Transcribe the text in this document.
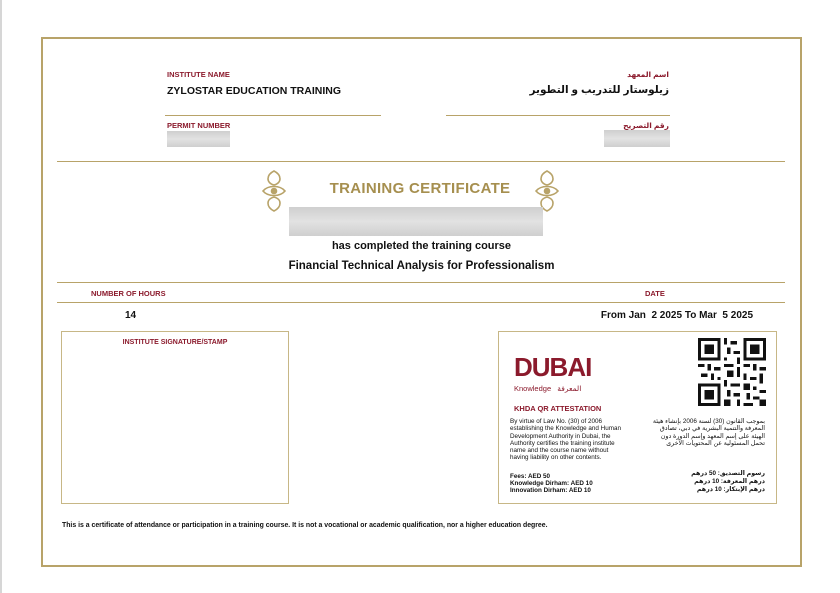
INSTITUTE NAME
ZYLOSTAR EDUCATION TRAINING
اسم المعهد
زيلوستار للتدريب و التطوير
PERMIT NUMBER	رقم التصريح
TRAINING CERTIFICATE
has completed the training course
Financial Technical Analysis for Professionalism
NUMBER OF HOURS	DATE
14	From Jan  2 2025 To Mar  5 2025
INSTITUTE SIGNATURE/STAMP
DUBAI
Knowledge المعرفة
KHDA QR ATTESTATION
By virtue of Law No. (30) of 2006 establishing the Knowledge and Human Development Authority in Dubai, the Authority certifies the training institute name and the course name without having liability on other contents.
بموجب القانون (30) لسنة 2006 بإنشاء هيئة المعرفة والتنمية البشرية في دبي، تصادق الهيئة على إسم المعهد وإسم الدورة دون تحمل المسئولية عن المحتويات الأخرى
Fees: AED 50
Knowledge Dirham: AED 10
Innovation Dirham: AED 10
رسوم التصديق: 50 درهم
درهم المعرفة: 10 درهم
درهم الإبتكار: 10 درهم
This is a certificate of attendance or participation in a training course. It is not a vocational or academic qualification, nor a higher education degree.
